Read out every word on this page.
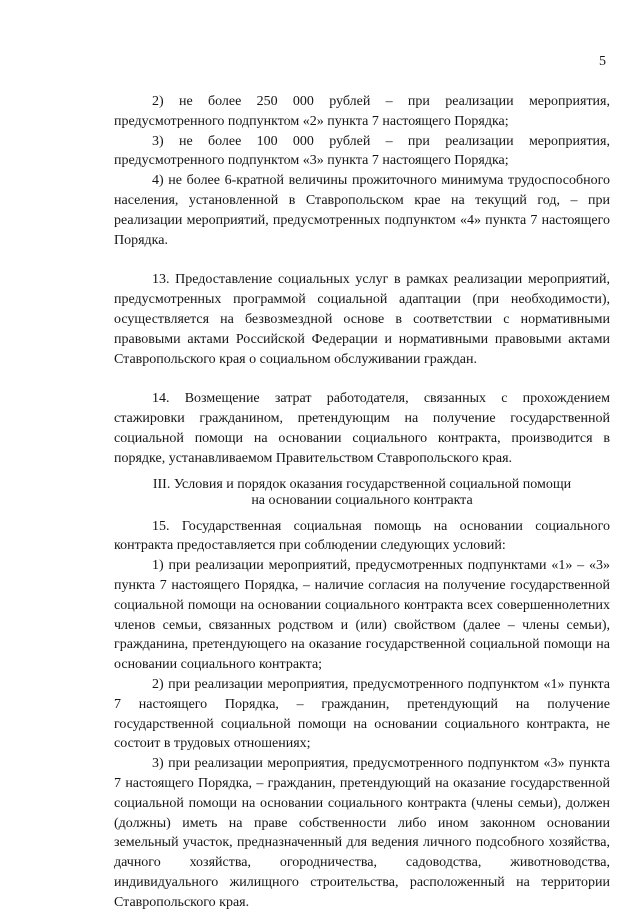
5

2) не более 250 000 рублей – при реализации мероприятия, предусмотренного подпунктом «2» пункта 7 настоящего Порядка;

3) не более 100 000 рублей – при реализации мероприятия, предусмотренного подпунктом «3» пункта 7 настоящего Порядка;

4) не более 6-кратной величины прожиточного минимума трудоспособного населения, установленной в Ставропольском крае на текущий год, – при реализации мероприятий, предусмотренных подпунктом «4» пункта 7 настоящего Порядка.

13. Предоставление социальных услуг в рамках реализации мероприятий, предусмотренных программой социальной адаптации (при необходимости), осуществляется на безвозмездной основе в соответствии с нормативными правовыми актами Российской Федерации и нормативными правовыми актами Ставропольского края о социальном обслуживании граждан.

14. Возмещение затрат работодателя, связанных с прохождением стажировки гражданином, претендующим на получение государственной социальной помощи на основании социального контракта, производится в порядке, устанавливаемом Правительством Ставропольского края.

III. Условия и порядок оказания государственной социальной помощи

на основании социального контракта

15. Государственная социальная помощь на основании социального контракта предоставляется при соблюдении следующих условий:

1) при реализации мероприятий, предусмотренных подпунктами «1» – «3» пункта 7 настоящего Порядка, – наличие согласия на получение государственной социальной помощи на основании социального контракта всех совершеннолетних членов семьи, связанных родством и (или) свойством (далее – члены семьи), гражданина, претендующего на оказание государственной социальной помощи на основании социального контракта;

2) при реализации мероприятия, предусмотренного подпунктом «1» пункта 7 настоящего Порядка, – гражданин, претендующий на получение государственной социальной помощи на основании социального контракта, не состоит в трудовых отношениях;

3) при реализации мероприятия, предусмотренного подпунктом «3» пункта 7 настоящего Порядка, – гражданин, претендующий на оказание государственной социальной помощи на основании социального контракта (члены семьи), должен (должны) иметь на праве собственности либо ином законном основании земельный участок, предназначенный для ведения личного подсобного хозяйства, дачного хозяйства, огородничества, садоводства, животноводства, индивидуального жилищного строительства, расположенный на территории Ставропольского края.
